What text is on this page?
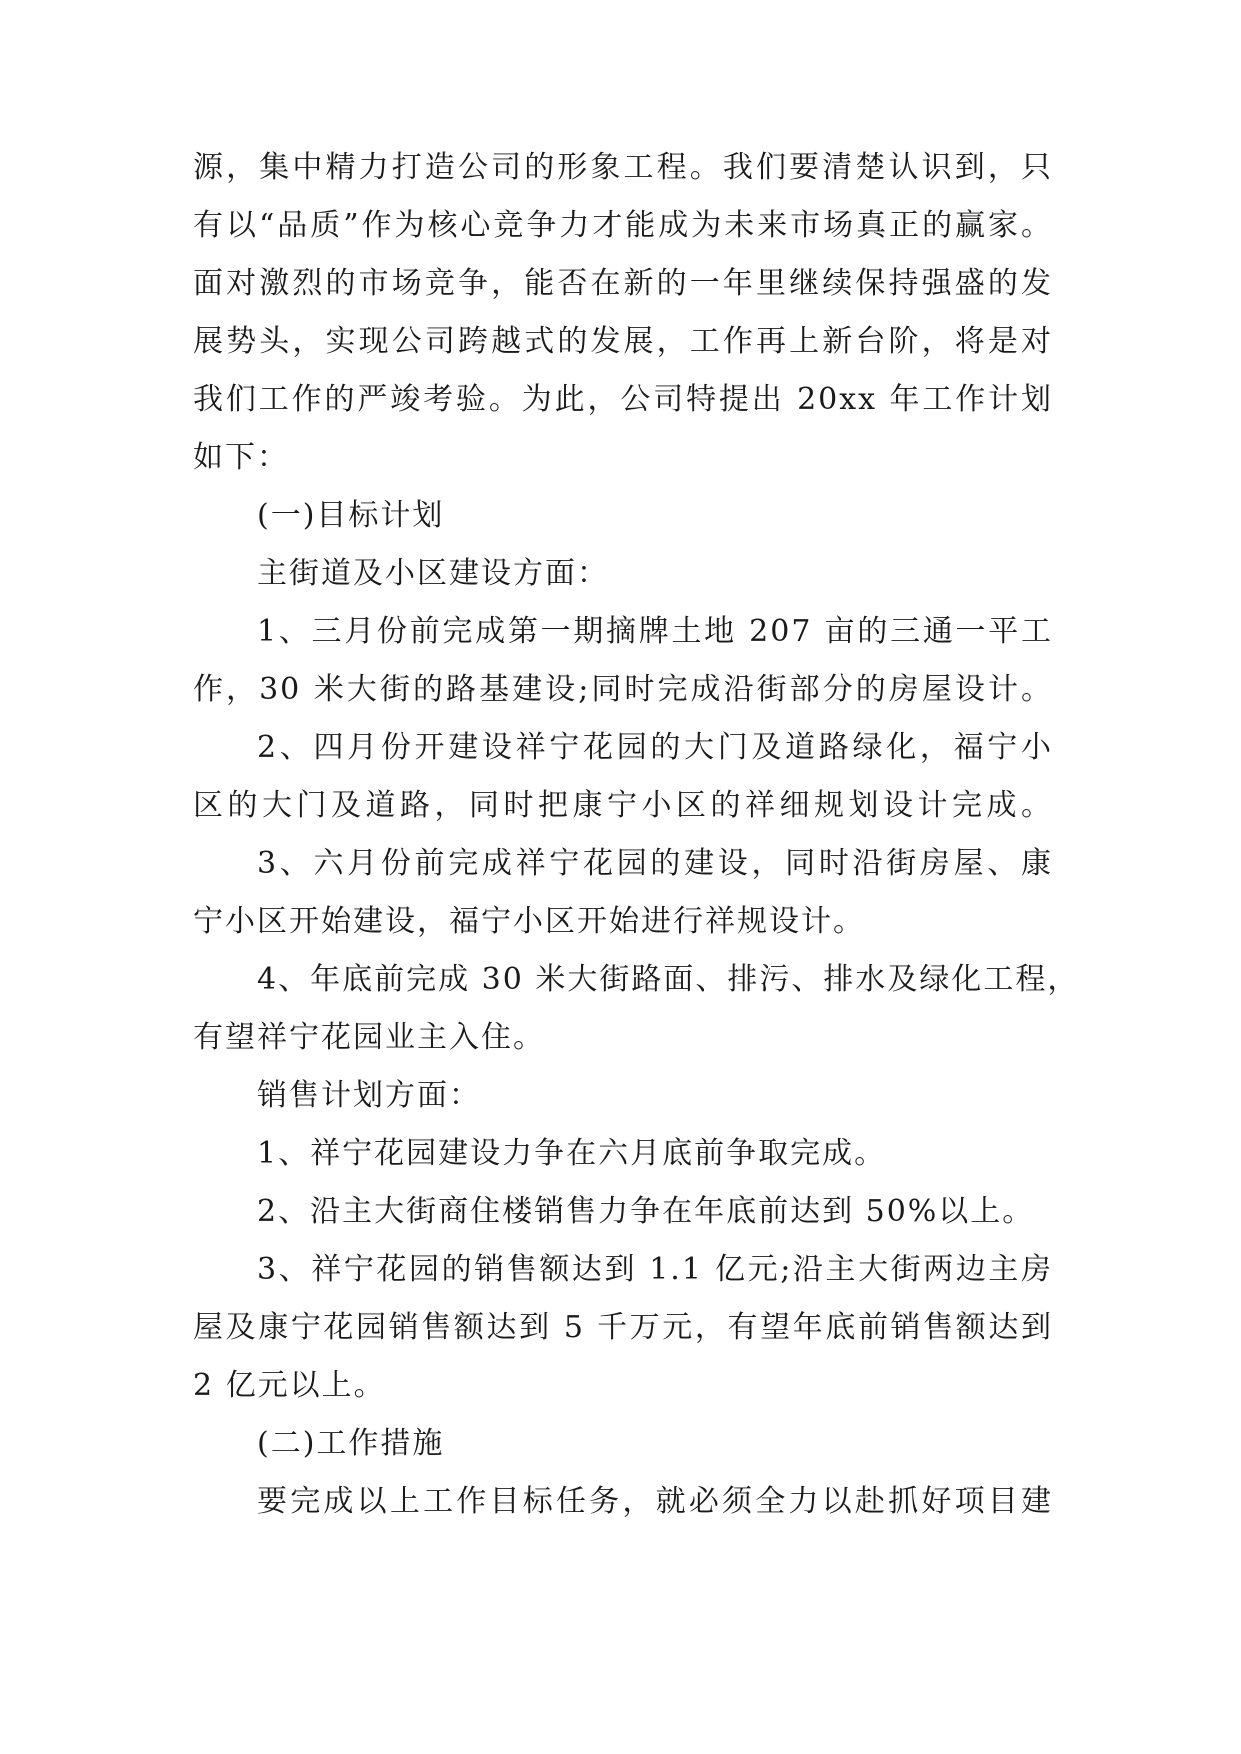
源，集中精力打造公司的形象工程。我们要清楚认识到，只
有以“品质”作为核心竞争力才能成为未来市场真正的赢家。
面对激烈的市场竞争，能否在新的一年里继续保持强盛的发
展势头，实现公司跨越式的发展，工作再上新台阶，将是对
我们工作的严竣考验。为此，公司特提出 20xx 年工作计划
如下：
(一)目标计划
主街道及小区建设方面：
1、三月份前完成第一期摘牌土地 207 亩的三通一平工
作，30 米大街的路基建设;同时完成沿街部分的房屋设计。
2、四月份开建设祥宁花园的大门及道路绿化，福宁小
区的大门及道路，同时把康宁小区的祥细规划设计完成。
3、六月份前完成祥宁花园的建设，同时沿街房屋、康
宁小区开始建设，福宁小区开始进行祥规设计。
4、年底前完成 30 米大街路面、排污、排水及绿化工程，
有望祥宁花园业主入住。
销售计划方面：
1、祥宁花园建设力争在六月底前争取完成。
2、沿主大街商住楼销售力争在年底前达到 50%以上。
3、祥宁花园的销售额达到 1.1 亿元;沿主大街两边主房
屋及康宁花园销售额达到 5 千万元，有望年底前销售额达到
2 亿元以上。
(二)工作措施
要完成以上工作目标任务，就必须全力以赴抓好项目建
